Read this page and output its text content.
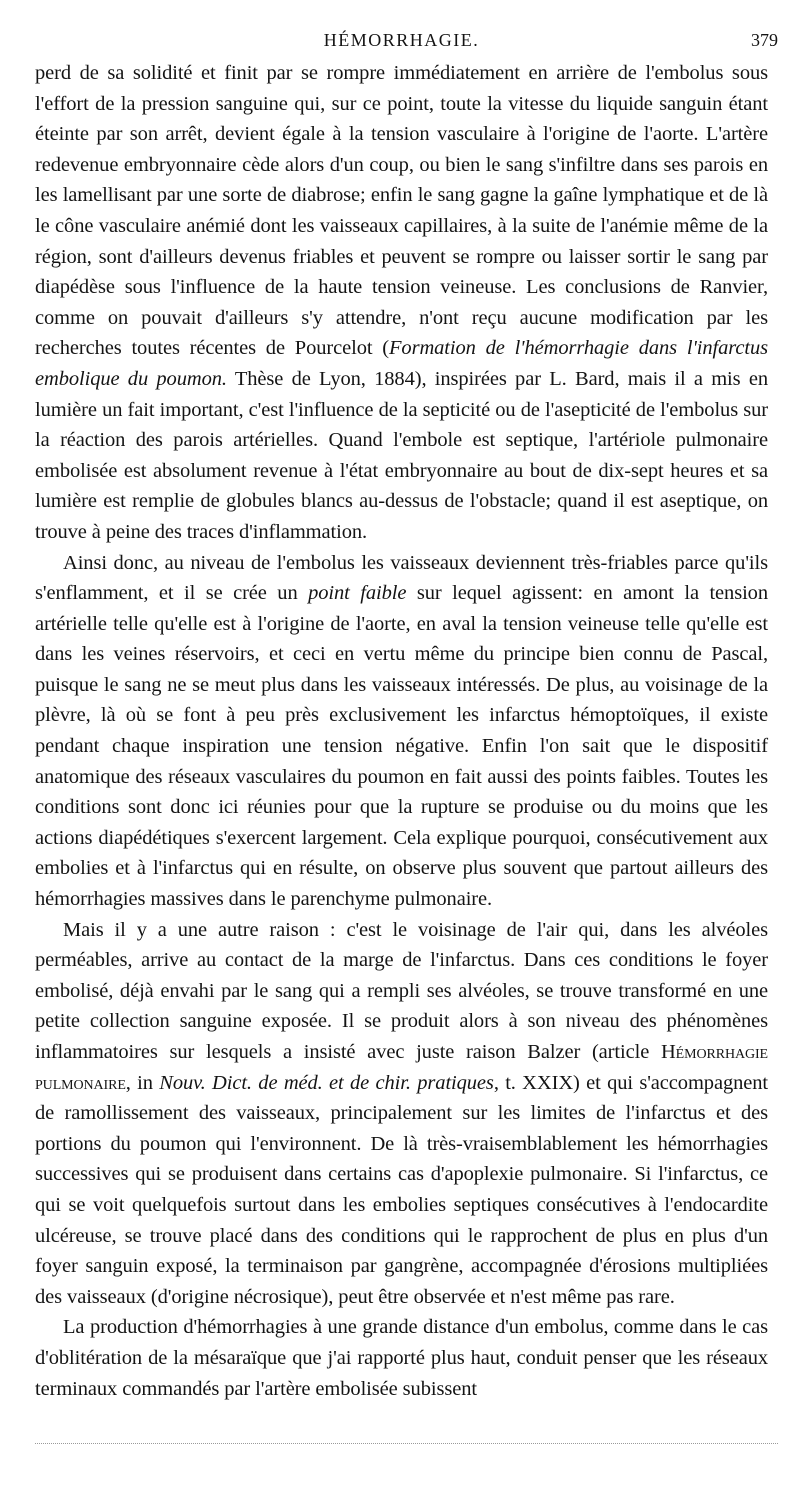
HÉMORRHAGIE.	379

perd de sa solidité et finit par se rompre immédiatement en arrière de l'embolus sous l'effort de la pression sanguine qui, sur ce point, toute la vitesse du liquide sanguin étant éteinte par son arrêt, devient égale à la tension vasculaire à l'origine de l'aorte. L'artère redevenue embryonnaire cède alors d'un coup, ou bien le sang s'infiltre dans ses parois en les lamellisant par une sorte de diabrose; enfin le sang gagne la gaîne lymphatique et de là le cône vasculaire anémié dont les vaisseaux capillaires, à la suite de l'anémie même de la région, sont d'ailleurs devenus friables et peuvent se rompre ou laisser sortir le sang par diapédèse sous l'influence de la haute tension veineuse. Les conclusions de Ranvier, comme on pouvait d'ailleurs s'y attendre, n'ont reçu aucune modification par les recherches toutes récentes de Pourcelot (Formation de l'hémorrhagie dans l'infarctus embolique du poumon. Thèse de Lyon, 1884), inspirées par L. Bard, mais il a mis en lumière un fait important, c'est l'influence de la septicité ou de l'asepticité de l'embolus sur la réaction des parois artérielles. Quand l'embole est septique, l'artériole pulmonaire embolisée est absolument revenue à l'état embryonnaire au bout de dix-sept heures et sa lumière est remplie de globules blancs au-dessus de l'obstacle; quand il est aseptique, on trouve à peine des traces d'inflammation.

Ainsi donc, au niveau de l'embolus les vaisseaux deviennent très-friables parce qu'ils s'enflamment, et il se crée un point faible sur lequel agissent: en amont la tension artérielle telle qu'elle est à l'origine de l'aorte, en aval la tension veineuse telle qu'elle est dans les veines réservoirs, et ceci en vertu même du principe bien connu de Pascal, puisque le sang ne se meut plus dans les vaisseaux intéressés. De plus, au voisinage de la plèvre, là où se font à peu près exclusivement les infarctus hémoptoïques, il existe pendant chaque inspiration une tension négative. Enfin l'on sait que le dispositif anatomique des réseaux vasculaires du poumon en fait aussi des points faibles. Toutes les conditions sont donc ici réunies pour que la rupture se produise ou du moins que les actions diapédétiques s'exercent largement. Cela explique pourquoi, consécutivement aux embolies et à l'infarctus qui en résulte, on observe plus souvent que partout ailleurs des hémorrhagies massives dans le parenchyme pulmonaire.

Mais il y a une autre raison : c'est le voisinage de l'air qui, dans les alvéoles perméables, arrive au contact de la marge de l'infarctus. Dans ces conditions le foyer embolisé, déjà envahi par le sang qui a rempli ses alvéoles, se trouve transformé en une petite collection sanguine exposée. Il se produit alors à son niveau des phénomènes inflammatoires sur lesquels a insisté avec juste raison Balzer (article Hémorrhagie pulmonaire, in Nouv. Dict. de méd. et de chir. pratiques, t. XXIX) et qui s'accompagnent de ramollissement des vaisseaux, principalement sur les limites de l'infarctus et des portions du poumon qui l'environnent. De là très-vraisemblablement les hémorrhagies successives qui se produisent dans certains cas d'apoplexie pulmonaire. Si l'infarctus, ce qui se voit quelquefois surtout dans les embolies septiques consécutives à l'endocardite ulcéreuse, se trouve placé dans des conditions qui le rapprochent de plus en plus d'un foyer sanguin exposé, la terminaison par gangrène, accompagnée d'érosions multipliées des vaisseaux (d'origine nécrosique), peut être observée et n'est même pas rare.

La production d'hémorrhagies à une grande distance d'un embolus, comme dans le cas d'oblitération de la mésaraïque que j'ai rapporté plus haut, conduit penser que les réseaux terminaux commandés par l'artère embolisée subissent
